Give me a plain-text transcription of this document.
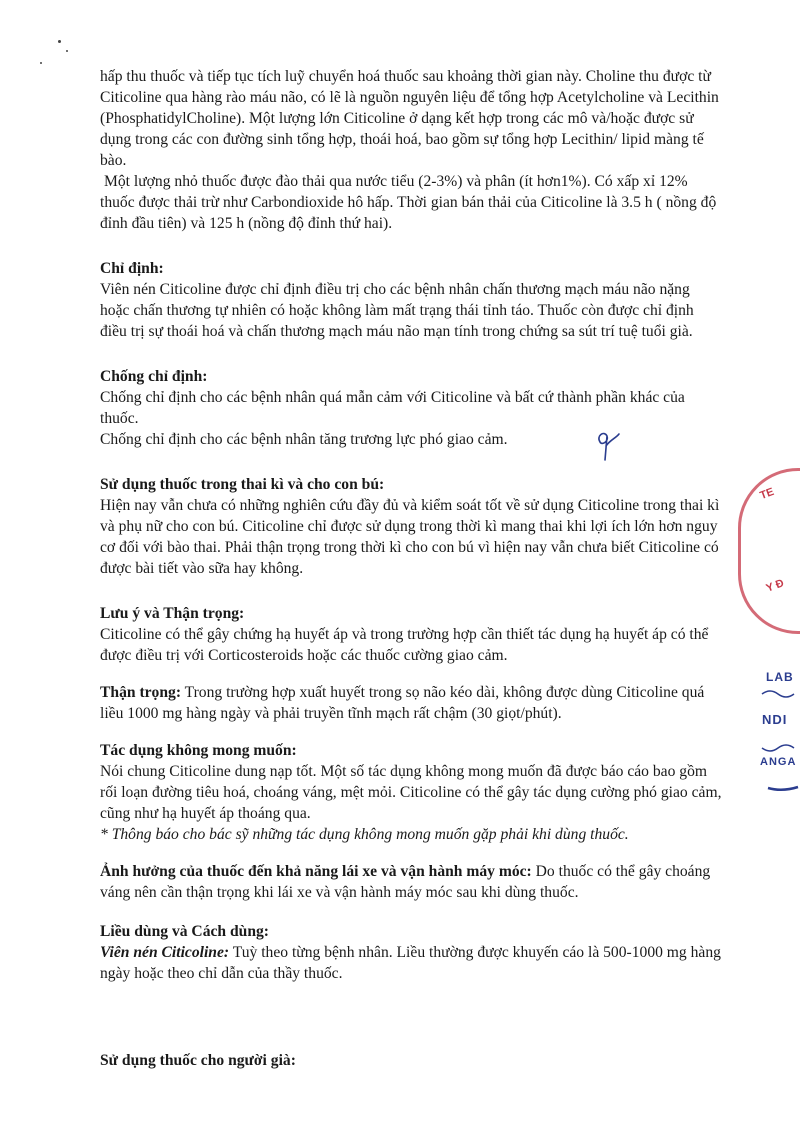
hấp thu thuốc và tiếp tục tích luỹ chuyển hoá thuốc sau khoảng thời gian này. Choline thu được từ Citicoline qua hàng rào máu não, có lẽ là nguồn nguyên liệu để tổng hợp Acetylcholine và Lecithin (PhosphatidylCholine). Một lượng lớn Citicoline ở dạng kết hợp trong các mô và/hoặc được sử dụng trong các con đường sinh tổng hợp, thoái hoá, bao gồm sự tổng hợp Lecithin/ lipid màng tế bào.

Một lượng nhỏ thuốc được đào thải qua nước tiểu (2-3%) và phân (ít hơn1%). Có xấp xỉ 12% thuốc được thải trừ như Carbondioxide hô hấp. Thời gian bán thải của Citicoline là 3.5 h ( nồng độ đỉnh đầu tiên) và 125 h (nồng độ đỉnh thứ hai).

Chỉ định:

Viên nén Citicoline được chỉ định điều trị cho các bệnh nhân chấn thương mạch máu não nặng hoặc chấn thương tự nhiên có hoặc không làm mất trạng thái tỉnh táo. Thuốc còn được chỉ định điều trị sự thoái hoá và chấn thương mạch máu não mạn tính trong chứng sa sút trí tuệ tuổi già.

Chống chỉ định:

Chống chỉ định cho các bệnh nhân quá mẫn cảm với Citicoline và bất cứ thành phần khác của thuốc.

Chống chỉ định cho các bệnh nhân tăng trương lực phó giao cảm.

Sử dụng thuốc trong thai kì và cho con bú:

Hiện nay vẫn chưa có những nghiên cứu đầy đủ và kiểm soát tốt về sử dụng Citicoline trong thai kì và phụ nữ cho con bú. Citicoline chỉ được sử dụng trong thời kì mang thai khi lợi ích lớn hơn nguy cơ đối với bào thai. Phải thận trọng trong thời kì cho con bú vì hiện nay vẫn chưa biết Citicoline có được bài tiết vào sữa hay không.

Lưu ý và Thận trọng:

Citicoline có thể gây chứng hạ huyết áp và trong trường hợp cần thiết tác dụng hạ huyết áp có thể được điều trị với Corticosteroids hoặc các thuốc cường giao cảm.

Thận trọng: Trong trường hợp xuất huyết trong sọ não kéo dài, không được dùng Citicoline quá liều 1000 mg hàng ngày và phải truyền tĩnh mạch rất chậm (30 giọt/phút).

Tác dụng không mong muốn:

Nói chung Citicoline dung nạp tốt. Một số tác dụng không mong muốn đã được báo cáo bao gồm rối loạn đường tiêu hoá, choáng váng, mệt mỏi. Citicoline có thể gây tác dụng cường phó giao cảm, cũng như hạ huyết áp thoáng qua.

* Thông báo cho bác sỹ những tác dụng không mong muốn gặp phải khi dùng thuốc.

Ảnh hưởng của thuốc đến khả năng lái xe và vận hành máy móc: Do thuốc có thể gây choáng váng nên cần thận trọng khi lái xe và vận hành máy móc sau khi dùng thuốc.

Liều dùng và Cách dùng:

Viên nén Citicoline: Tuỳ theo từng bệnh nhân. Liều thường được khuyến cáo là 500-1000 mg hàng ngày hoặc theo chỉ dẫn của thầy thuốc.

Sử dụng thuốc cho người già:

TE
Y Đ
LAB
NDI
ANGA
